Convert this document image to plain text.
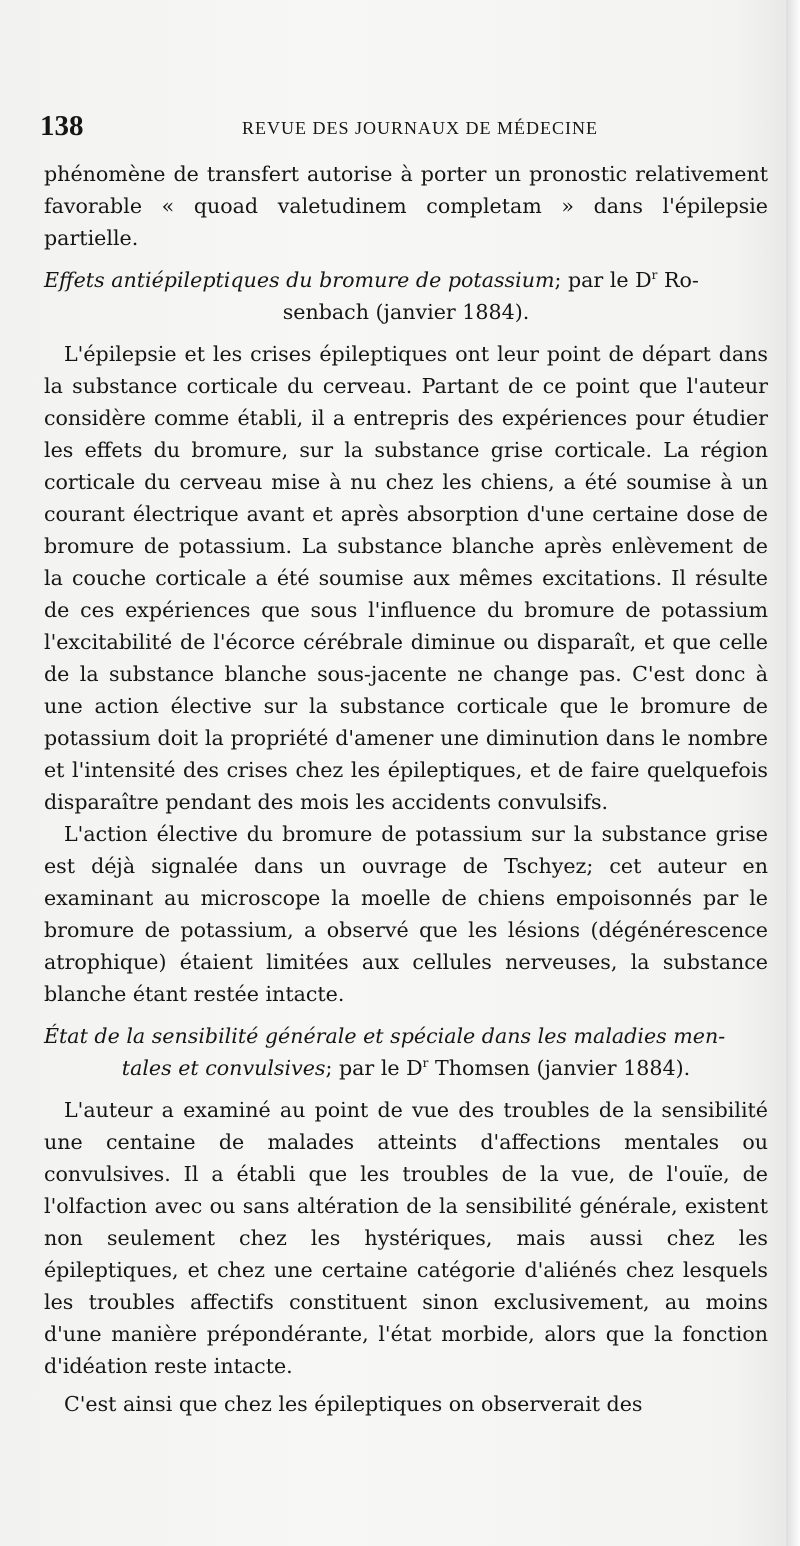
138	REVUE DES JOURNAUX DE MÉDECINE

phénomène de transfert autorise à porter un pronostic relativement favorable « quoad valetudinem completam » dans l'épilepsie partielle.

Effets antiépileptiques du bromure de potassium; par le $D^r$ Ro-
senbach (janvier 1884).

L'épilepsie et les crises épileptiques ont leur point de départ dans la substance corticale du cerveau. Partant de ce point que l'auteur considère comme établi, il a entrepris des expériences pour étudier les effets du bromure, sur la substance grise corticale. La région corticale du cerveau mise à nu chez les chiens, a été soumise à un courant électrique avant et après absorption d'une certaine dose de bromure de potassium. La substance blanche après enlèvement de la couche corticale a été soumise aux mêmes excitations. Il résulte de ces expériences que sous l'influence du bromure de potassium l'excitabilité de l'écorce cérébrale diminue ou disparaît, et que celle de la substance blanche sous-jacente ne change pas. C'est donc à une action élective sur la substance corticale que le bromure de potassium doit la propriété d'amener une diminution dans le nombre et l'intensité des crises chez les épileptiques, et de faire quelquefois disparaître pendant des mois les accidents convulsifs.

L'action élective du bromure de potassium sur la substance grise est déjà signalée dans un ouvrage de Tschyez; cet auteur en examinant au microscope la moelle de chiens empoisonnés par le bromure de potassium, a observé que les lésions (dégénérescence atrophique) étaient limitées aux cellules nerveuses, la substance blanche étant restée intacte.

État de la sensibilité générale et spéciale dans les maladies men-
tales et convulsives; par le $D^r$ Thomsen (janvier 1884).

L'auteur a examiné au point de vue des troubles de la sensibilité une centaine de malades atteints d'affections mentales ou convulsives. Il a établi que les troubles de la vue, de l'ouïe, de l'olfaction avec ou sans altération de la sensibilité générale, existent non seulement chez les hystériques, mais aussi chez les épileptiques, et chez une certaine catégorie d'aliénés chez lesquels les troubles affectifs constituent sinon exclusivement, au moins d'une manière prépondérante, l'état morbide, alors que la fonction d'idéation reste intacte.

C'est ainsi que chez les épileptiques on observerait des
